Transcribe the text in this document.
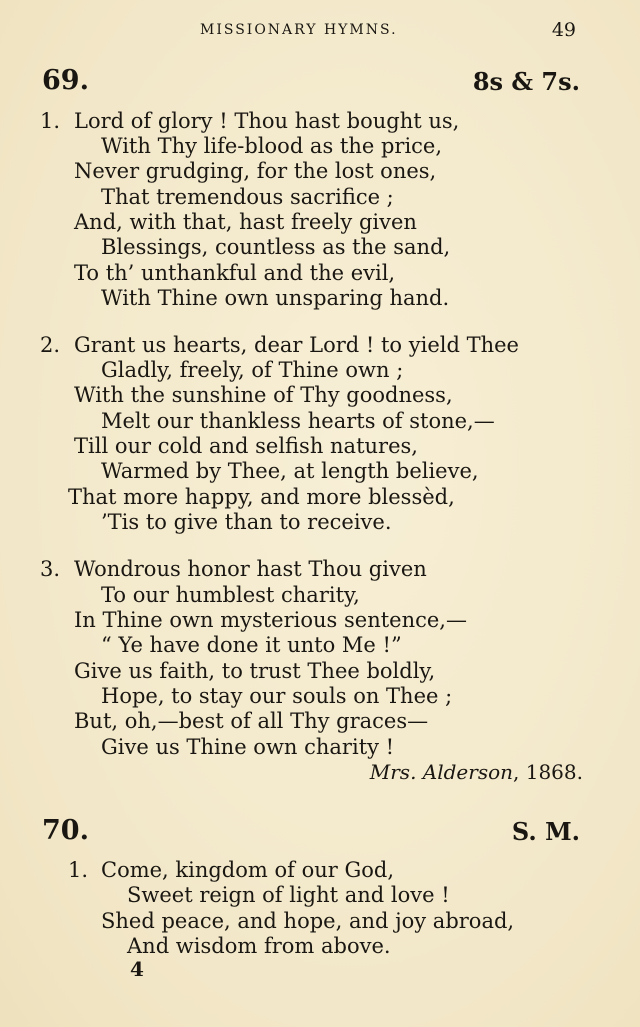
MISSIONARY HYMNS.	49
69.	8s & 7s.
1. Lord of glory ! Thou hast bought us,
With Thy life-blood as the price,
Never grudging, for the lost ones,
That tremendous sacrifice ;
And, with that, hast freely given
Blessings, countless as the sand,
To th’ unthankful and the evil,
With Thine own unsparing hand.
2. Grant us hearts, dear Lord ! to yield Thee
Gladly, freely, of Thine own ;
With the sunshine of Thy goodness,
Melt our thankless hearts of stone,—
Till our cold and selfish natures,
Warmed by Thee, at length believe,
That more happy, and more blessèd,
’Tis to give than to receive.
3. Wondrous honor hast Thou given
To our humblest charity,
In Thine own mysterious sentence,—
“ Ye have done it unto Me !”
Give us faith, to trust Thee boldly,
Hope, to stay our souls on Thee ;
But, oh,—best of all Thy graces—
Give us Thine own charity !
Mrs. Alderson, 1868.
70.	S. M.
1. Come, kingdom of our God,
Sweet reign of light and love !
Shed peace, and hope, and joy abroad,
And wisdom from above.
4
